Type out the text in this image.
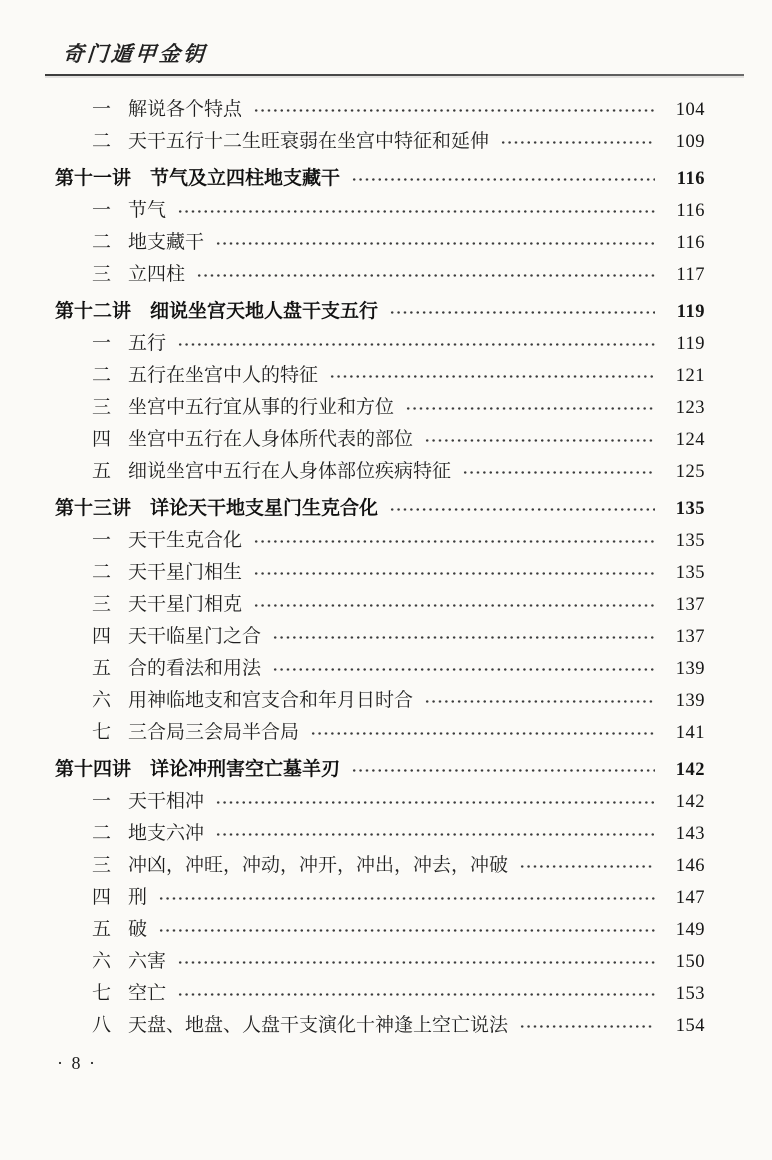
奇门遁甲金钥
一 解说各个特点	104
二 天干五行十二生旺衰弱在坐宫中特征和延伸	109
第十一讲 节气及立四柱地支藏干	116
一 节气	116
二 地支藏干	116
三 立四柱	117
第十二讲 细说坐宫天地人盘干支五行	119
一 五行	119
二 五行在坐宫中人的特征	121
三 坐宫中五行宜从事的行业和方位	123
四 坐宫中五行在人身体所代表的部位	124
五 细说坐宫中五行在人身体部位疾病特征	125
第十三讲 详论天干地支星门生克合化	135
一 天干生克合化	135
二 天干星门相生	135
三 天干星门相克	137
四 天干临星门之合	137
五 合的看法和用法	139
六 用神临地支和宫支合和年月日时合	139
七 三合局三会局半合局	141
第十四讲 详论冲刑害空亡墓羊刃	142
一 天干相冲	142
二 地支六冲	143
三 冲凶，冲旺，冲动，冲开，冲出，冲去，冲破	146
四 刑	147
五 破	149
六 六害	150
七 空亡	153
八 天盘、地盘、人盘干支演化十神逢上空亡说法	154
· 8 ·
